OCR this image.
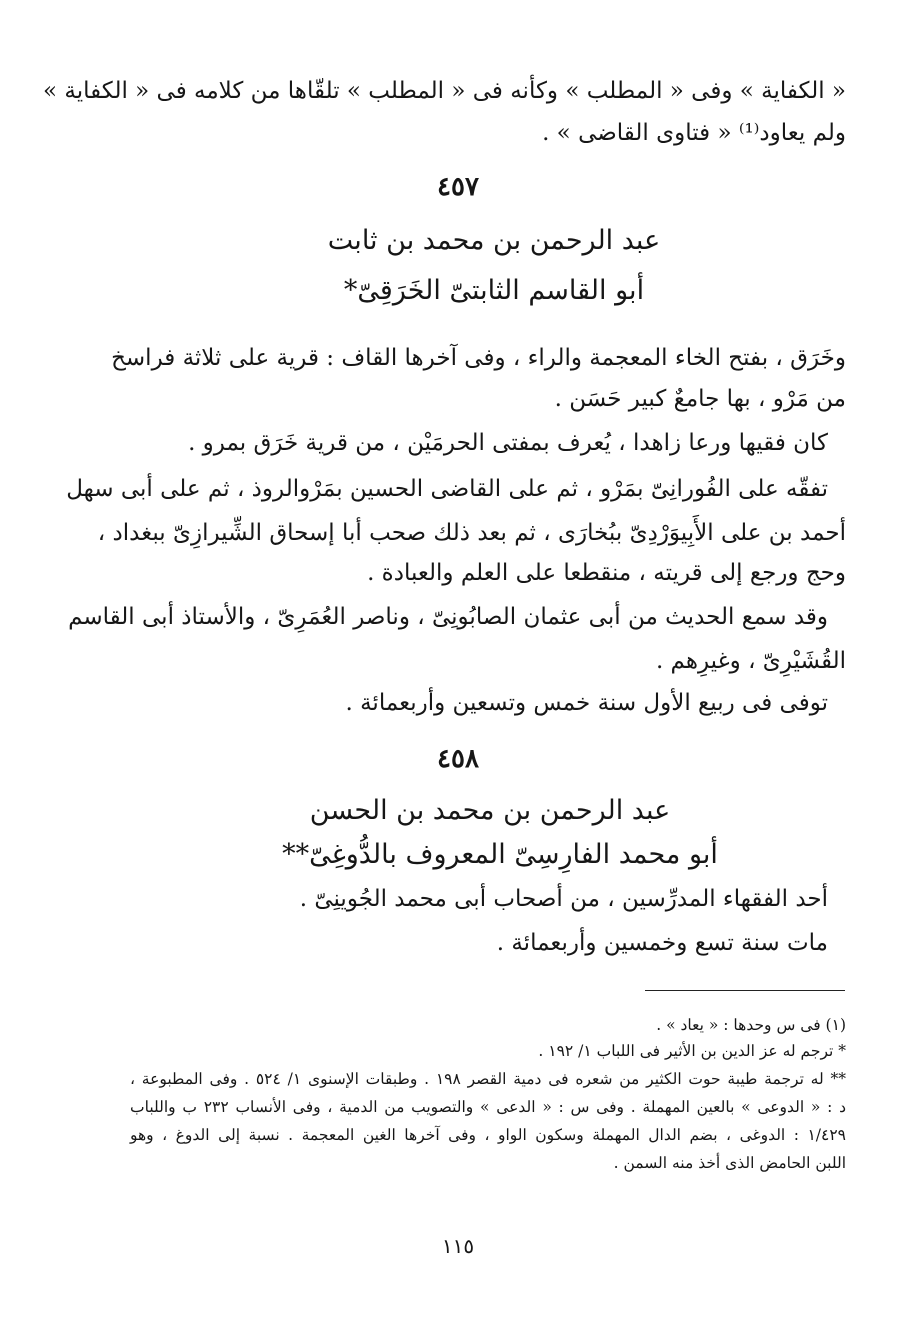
« الكفاية » وفى « المطلب » وكأنه فى « المطلب » تلقّاها من كلامه فى « الكفاية »
ولم يعاود⁽¹⁾ « فتاوى القاضى » .
٤٥٧
عبد الرحمن بن محمد بن ثابت
أبو القاسم الثابتىّ الخَرَقِىّ*
وخَرَق ، بفتح الخاء المعجمة والراء ، وفى آخرها القاف : قرية على ثلاثة فراسخ
من مَرْو ، بها جامعٌ كبير حَسَن .
كان فقيها ورعا زاهدا ، يُعرف بمفتى الحرمَيْن ، من قرية خَرَق بمرو .
تفقّه على الفُورانِىّ بمَرْو ، ثم على القاضى الحسين بمَرْوالروذ ، ثم على أبى سهل
أحمد بن على الأَبِيوَرْدِىّ ببُخارَى ، ثم بعد ذلك صحب أبا إسحاق الشِّيرازِىّ ببغداد ،
وحج ورجع إلى قريته ، منقطعا على العلم والعبادة .
وقد سمع الحديث من أبى عثمان الصابُونِىّ ، وناصر العُمَرِىّ ، والأستاذ أبى القاسم
القُشَيْرِىّ ، وغيرِهم .
توفى فى ربيع الأول سنة خمس وتسعين وأربعمائة .
٤٥٨
عبد الرحمن بن محمد بن الحسن
أبو محمد الفارِسِىّ المعروف بالدُّوغِىّ**
أحد الفقهاء المدرِّسين ، من أصحاب أبى محمد الجُوينِىّ .
مات سنة تسع وخمسين وأربعمائة .
(١) فى س وحدها : « يعاد » .
* ترجم له عز الدين بن الأثير فى اللباب ١/ ١٩٢ .
** له ترجمة طيبة حوت الكثير من شعره فى دمية القصر ١٩٨ . وطبقات الإسنوى ١/ ٥٢٤ . وفى المطبوعة ،
د : « الدوعى » بالعين المهملة . وفى س : « الدعى » والتصويب من الدمية ، وفى الأنساب ٢٣٢ ب واللباب
١/٤٢٩ : الدوغى ، بضم الدال المهملة وسكون الواو ، وفى آخرها الغين المعجمة . نسبة إلى الدوغ ، وهو
اللبن الحامض الذى أخذ منه السمن .
١١٥
